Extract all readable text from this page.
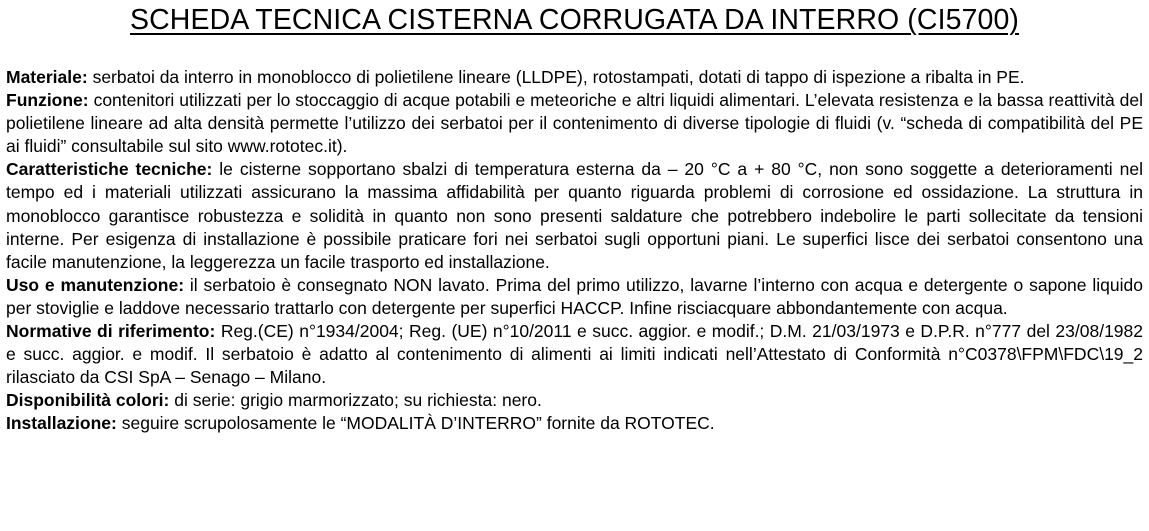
SCHEDA TECNICA CISTERNA CORRUGATA DA INTERRO (CI5700)

Materiale: serbatoi da interro in monoblocco di polietilene lineare (LLDPE), rotostampati, dotati di tappo di ispezione a ribalta in PE.

Funzione: contenitori utilizzati per lo stoccaggio di acque potabili e meteoriche e altri liquidi alimentari. L’elevata resistenza e la bassa reattività del polietilene lineare ad alta densità permette l’utilizzo dei serbatoi per il contenimento di diverse tipologie di fluidi (v. “scheda di compatibilità del PE ai fluidi” consultabile sul sito www.rototec.it).

Caratteristiche tecniche: le cisterne sopportano sbalzi di temperatura esterna da – 20 °C a + 80 °C, non sono soggette a deterioramenti nel tempo ed i materiali utilizzati assicurano la massima affidabilità per quanto riguarda problemi di corrosione ed ossidazione. La struttura in monoblocco garantisce robustezza e solidità in quanto non sono presenti saldature che potrebbero indebolire le parti sollecitate da tensioni interne. Per esigenza di installazione è possibile praticare fori nei serbatoi sugli opportuni piani. Le superfici lisce dei serbatoi consentono una facile manutenzione, la leggerezza un facile trasporto ed installazione.

Uso e manutenzione: il serbatoio è consegnato NON lavato. Prima del primo utilizzo, lavarne l’interno con acqua e detergente o sapone liquido per stoviglie e laddove necessario trattarlo con detergente per superfici HACCP. Infine risciacquare abbondantemente con acqua.

Normative di riferimento: Reg.(CE) n°1934/2004; Reg. (UE) n°10/2011 e succ. aggior. e modif.; D.M. 21/03/1973 e D.P.R. n°777 del 23/08/1982 e succ. aggior. e modif. Il serbatoio è adatto al contenimento di alimenti ai limiti indicati nell’Attestato di Conformità n°C0378\FPM\FDC\19_2 rilasciato da CSI SpA – Senago – Milano.

Disponibilità colori: di serie: grigio marmorizzato; su richiesta: nero.

Installazione: seguire scrupolosamente le “MODALITÀ D’INTERRO” fornite da ROTOTEC.
